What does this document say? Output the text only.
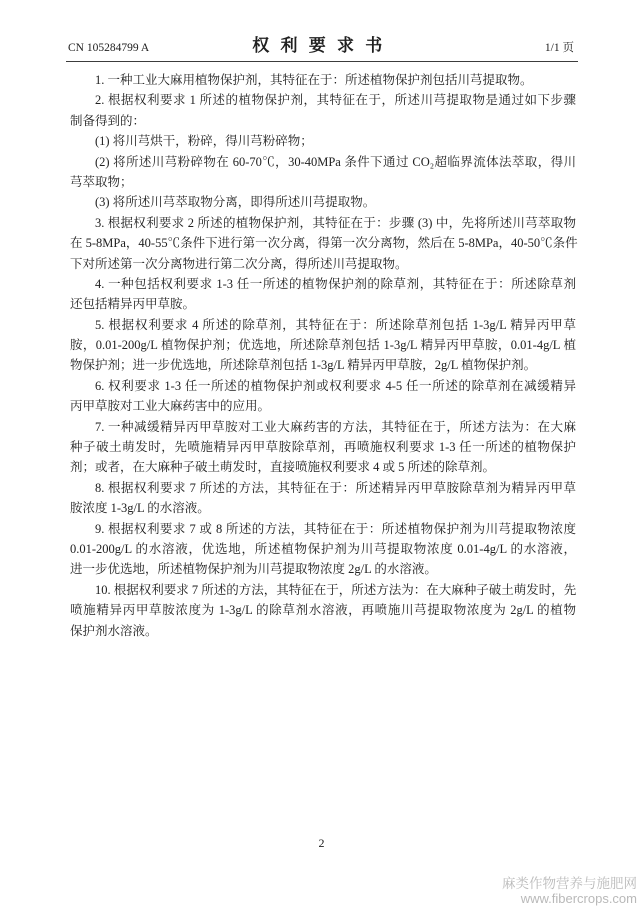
CN 105284799 A	权 利 要 求 书	1/1 页
1. 一种工业大麻用植物保护剂，其特征在于：所述植物保护剂包括川芎提取物。
2. 根据权利要求 1 所述的植物保护剂，其特征在于，所述川芎提取物是通过如下步骤
制备得到的：
(1) 将川芎烘干，粉碎，得川芎粉碎物；
(2) 将所述川芎粉碎物在 60-70℃，30-40MPa 条件下通过 CO₂超临界流体法萃取，得川
芎萃取物；
(3) 将所述川芎萃取物分离，即得所述川芎提取物。
3. 根据权利要求 2 所述的植物保护剂，其特征在于：步骤 (3) 中，先将所述川芎萃取物
在 5-8MPa，40-55℃条件下进行第一次分离，得第一次分离物，然后在 5-8MPa，40-50℃条件
下对所述第一次分离物进行第二次分离，得所述川芎提取物。
4. 一种包括权利要求 1-3 任一所述的植物保护剂的除草剂，其特征在于：所述除草剂
还包括精异丙甲草胺。
5. 根据权利要求 4 所述的除草剂，其特征在于：所述除草剂包括 1-3g/L 精异丙甲草
胺，0.01-200g/L 植物保护剂；优选地，所述除草剂包括 1-3g/L 精异丙甲草胺，0.01-4g/L 植
物保护剂；进一步优选地，所述除草剂包括 1-3g/L 精异丙甲草胺，2g/L 植物保护剂。
6. 权利要求 1-3 任一所述的植物保护剂或权利要求 4-5 任一所述的除草剂在减缓精异
丙甲草胺对工业大麻药害中的应用。
7. 一种减缓精异丙甲草胺对工业大麻药害的方法，其特征在于，所述方法为：在大麻
种子破土萌发时，先喷施精异丙甲草胺除草剂，再喷施权利要求 1-3 任一所述的植物保护
剂；或者，在大麻种子破土萌发时，直接喷施权利要求 4 或 5 所述的除草剂。
8. 根据权利要求 7 所述的方法，其特征在于：所述精异丙甲草胺除草剂为精异丙甲草
胺浓度 1-3g/L 的水溶液。
9. 根据权利要求 7 或 8 所述的方法，其特征在于：所述植物保护剂为川芎提取物浓度
0.01-200g/L 的水溶液，优选地，所述植物保护剂为川芎提取物浓度 0.01-4g/L 的水溶液，
进一步优选地，所述植物保护剂为川芎提取物浓度 2g/L 的水溶液。
10. 根据权利要求 7 所述的方法，其特征在于，所述方法为：在大麻种子破土萌发时，先
喷施精异丙甲草胺浓度为 1-3g/L 的除草剂水溶液，再喷施川芎提取物浓度为 2g/L 的植物
保护剂水溶液。
2
麻类作物营养与施肥网
www.fibercrops.com
